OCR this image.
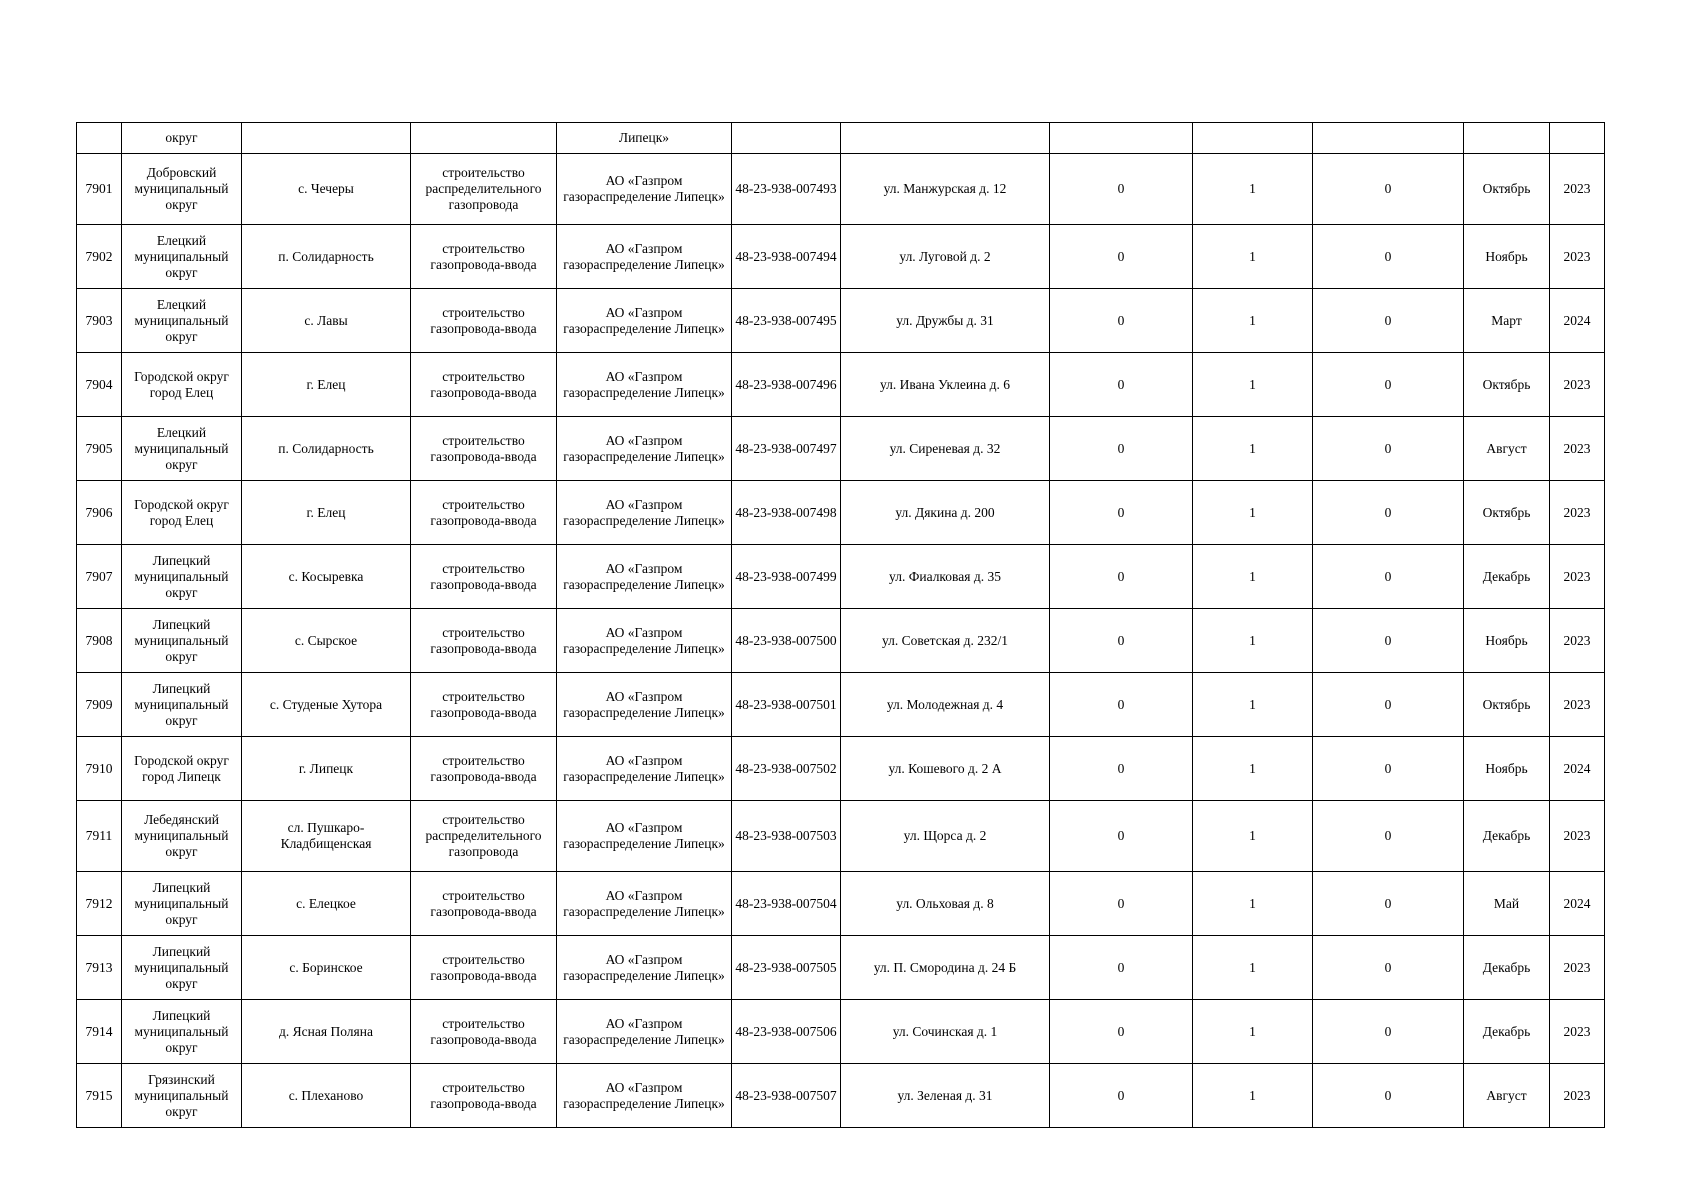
	округ			Липецк»							
7901	Добровский муниципальный округ	с. Чечеры	строительство распределительного газопровода	АО «Газпром газораспределение Липецк»	48-23-938-007493	ул. Манжурская д. 12	0	1	0	Октябрь	2023
7902	Елецкий муниципальный округ	п. Солидарность	строительство газопровода-ввода	АО «Газпром газораспределение Липецк»	48-23-938-007494	ул. Луговой д. 2	0	1	0	Ноябрь	2023
7903	Елецкий муниципальный округ	с. Лавы	строительство газопровода-ввода	АО «Газпром газораспределение Липецк»	48-23-938-007495	ул. Дружбы д. 31	0	1	0	Март	2024
7904	Городской округ город Елец	г. Елец	строительство газопровода-ввода	АО «Газпром газораспределение Липецк»	48-23-938-007496	ул. Ивана Уклеина д. 6	0	1	0	Октябрь	2023
7905	Елецкий муниципальный округ	п. Солидарность	строительство газопровода-ввода	АО «Газпром газораспределение Липецк»	48-23-938-007497	ул. Сиреневая д. 32	0	1	0	Август	2023
7906	Городской округ город Елец	г. Елец	строительство газопровода-ввода	АО «Газпром газораспределение Липецк»	48-23-938-007498	ул. Дякина д. 200	0	1	0	Октябрь	2023
7907	Липецкий муниципальный округ	с. Косыревка	строительство газопровода-ввода	АО «Газпром газораспределение Липецк»	48-23-938-007499	ул. Фиалковая д. 35	0	1	0	Декабрь	2023
7908	Липецкий муниципальный округ	с. Сырское	строительство газопровода-ввода	АО «Газпром газораспределение Липецк»	48-23-938-007500	ул. Советская д. 232/1	0	1	0	Ноябрь	2023
7909	Липецкий муниципальный округ	с. Студеные Хутора	строительство газопровода-ввода	АО «Газпром газораспределение Липецк»	48-23-938-007501	ул. Молодежная д. 4	0	1	0	Октябрь	2023
7910	Городской округ город Липецк	г. Липецк	строительство газопровода-ввода	АО «Газпром газораспределение Липецк»	48-23-938-007502	ул. Кошевого д. 2 А	0	1	0	Ноябрь	2024
7911	Лебедянский муниципальный округ	сл. Пушкаро-Кладбищенская	строительство распределительного газопровода	АО «Газпром газораспределение Липецк»	48-23-938-007503	ул. Щорса д. 2	0	1	0	Декабрь	2023
7912	Липецкий муниципальный округ	с. Елецкое	строительство газопровода-ввода	АО «Газпром газораспределение Липецк»	48-23-938-007504	ул. Ольховая д. 8	0	1	0	Май	2024
7913	Липецкий муниципальный округ	с. Боринское	строительство газопровода-ввода	АО «Газпром газораспределение Липецк»	48-23-938-007505	ул. П. Смородина д. 24 Б	0	1	0	Декабрь	2023
7914	Липецкий муниципальный округ	д. Ясная Поляна	строительство газопровода-ввода	АО «Газпром газораспределение Липецк»	48-23-938-007506	ул. Сочинская д. 1	0	1	0	Декабрь	2023
7915	Грязинский муниципальный округ	с. Плеханово	строительство газопровода-ввода	АО «Газпром газораспределение Липецк»	48-23-938-007507	ул. Зеленая д. 31	0	1	0	Август	2023
